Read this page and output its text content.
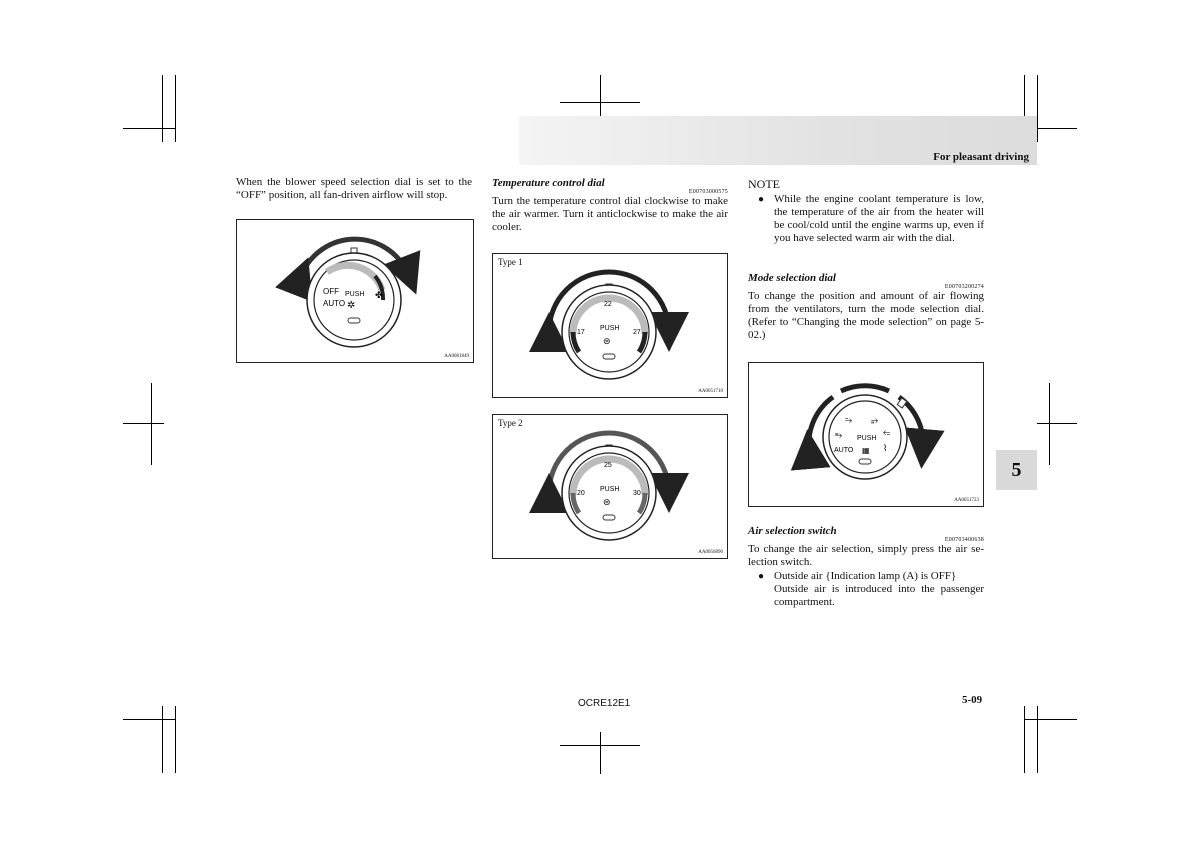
For pleasant driving
5

When the blower speed selection dial is set to the “OFF” position, all fan-driven airflow will stop.

OFF PUSH
AUTO ✲
✤
AA0081849

Temperature control dial

E00703000575

Turn the temperature control dial clockwise to make the air warmer. Turn it anticlockwise to make the air cooler.

Type 1
22
17	27
PUSH
⊜
AA0051710
Type 2
25
20	30
PUSH
⊜
AA0056890
NOTE
● While the engine coolant temperature is low, the temperature of the air from the heater will be cool/cold until the engine warms up, even if you have selected warm air with the dial.

Mode selection dial

E00703200274

To change the position and amount of air flowing from the ventilators, turn the mode selection dial. (Refer to “Changing the mode selection” on page 5-02.)

⥲ ⥵
⥱	⥳
PUSH
AUTO ▦ ⌇
AA0051723

Air selection switch

E00703400638

To change the air selection, simply press the air se-lection switch.

● Outside air {Indication lamp (A) is OFF}
Outside air is introduced into the passenger compartment.
OCRE12E1	5-09
